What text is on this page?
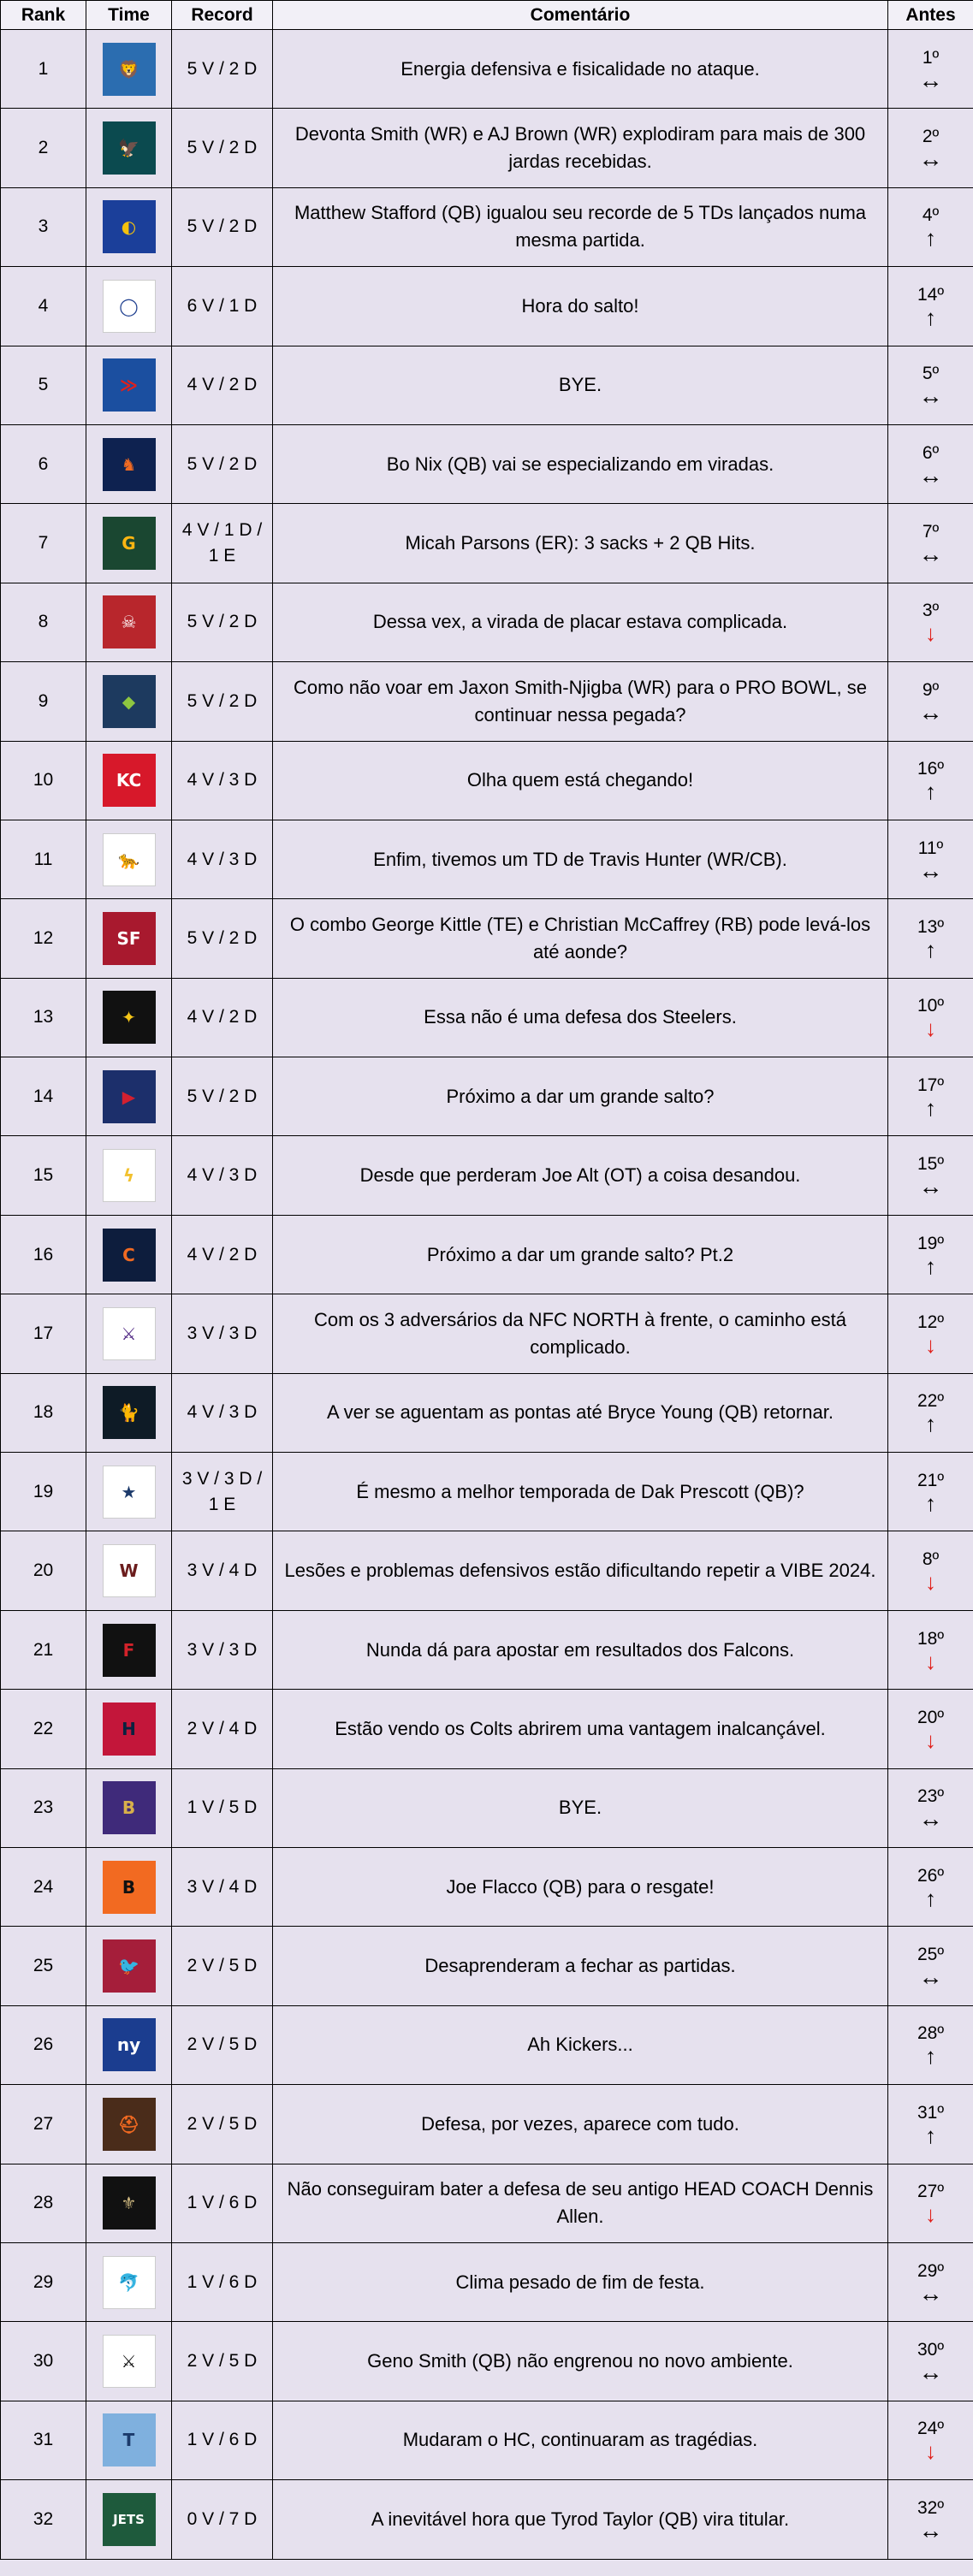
Rank	Time	Record	Comentário	Antes
1	🦁	5 V / 2 D	Energia defensiva e fisicalidade no ataque.	1º
↔

2	🦅	5 V / 2 D	Devonta Smith (WR) e AJ Brown (WR) explodiram para mais de 300 jardas recebidas.	2º
↔

3	◐	5 V / 2 D	Matthew Stafford (QB) igualou seu recorde de 5 TDs lançados numa mesma partida.	4º
↑

4	◯	6 V / 1 D	Hora do salto!	14º
↑

5	≫	4 V / 2 D	BYE.	5º
↔

6	♞	5 V / 2 D	Bo Nix (QB) vai se especializando em viradas.	6º
↔

7	G	4 V / 1 D / 1 E	Micah Parsons (ER): 3 sacks + 2 QB Hits.	7º
↔

8	☠	5 V / 2 D	Dessa vex, a virada de placar estava complicada.	3º
↓

9	◆	5 V / 2 D	Como não voar em Jaxon Smith-Njigba (WR) para o PRO BOWL, se continuar nessa pegada?	9º
↔

10	KC	4 V / 3 D	Olha quem está chegando!	16º
↑

11	🐆	4 V / 3 D	Enfim, tivemos um TD de Travis Hunter (WR/CB).	11º
↔

12	SF	5 V / 2 D	O combo George Kittle (TE) e Christian McCaffrey (RB) pode levá-los até aonde?	13º
↑

13	✦	4 V / 2 D	Essa não é uma defesa dos Steelers.	10º
↓

14	▶	5 V / 2 D	Próximo a dar um grande salto?	17º
↑

15	ϟ	4 V / 3 D	Desde que perderam Joe Alt (OT) a coisa desandou.	15º
↔

16	C	4 V / 2 D	Próximo a dar um grande salto? Pt.2	19º
↑

17	⚔	3 V / 3 D	Com os 3 adversários da NFC NORTH à frente, o caminho está complicado.	12º
↓

18	🐈	4 V / 3 D	A ver se aguentam as pontas até Bryce Young (QB) retornar.	22º
↑

19	★	3 V / 3 D / 1 E	É mesmo a melhor temporada de Dak Prescott (QB)?	21º
↑

20	W	3 V / 4 D	Lesões e problemas defensivos estão dificultando repetir a VIBE 2024.	8º
↓

21	F	3 V / 3 D	Nunda dá para apostar em resultados dos Falcons.	18º
↓

22	H	2 V / 4 D	Estão vendo os Colts abrirem uma vantagem inalcançável.	20º
↓

23	B	1 V / 5 D	BYE.	23º
↔

24	B	3 V / 4 D	Joe Flacco (QB) para o resgate!	26º
↑

25	🐦	2 V / 5 D	Desaprenderam a fechar as partidas.	25º
↔

26	ny	2 V / 5 D	Ah Kickers...	28º
↑

27	⛑	2 V / 5 D	Defesa, por vezes, aparece com tudo.	31º
↑

28	⚜	1 V / 6 D	Não conseguiram bater a defesa de seu antigo HEAD COACH Dennis Allen.	27º
↓

29	🐬	1 V / 6 D	Clima pesado de fim de festa.	29º
↔

30	⚔	2 V / 5 D	Geno Smith (QB) não engrenou no novo ambiente.	30º
↔

31	T	1 V / 6 D	Mudaram o HC, continuaram as tragédias.	24º
↓

32	JETS	0 V / 7 D	A inevitável hora que Tyrod Taylor (QB) vira titular.	32º
↔
